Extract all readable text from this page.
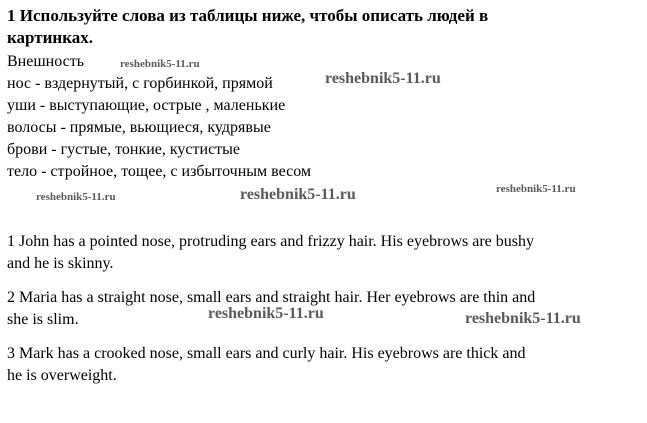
1 Используйте слова из таблицы ниже, чтобы описать людей в
картинках.
Внешность
нос - вздернутый, с горбинкой, прямой
уши - выступающие, острые , маленькие
волосы - прямые, вьющиеся, кудрявые
брови - густые, тонкие, кустистые
тело - стройное, тощее, с избыточным весом
1 John has a pointed nose, protruding ears and frizzy hair. His eyebrows are bushy
and he is skinny.
2 Maria has a straight nose, small ears and straight hair. Her eyebrows are thin and
she is slim.
3 Mark has a crooked nose, small ears and curly hair. His eyebrows are thick and
he is overweight.
reshebnik5-11.ru
reshebnik5-11.ru
reshebnik5-11.ru	reshebnik5-11.ru	reshebnik5-11.ru
reshebnik5-11.ru	reshebnik5-11.ru
